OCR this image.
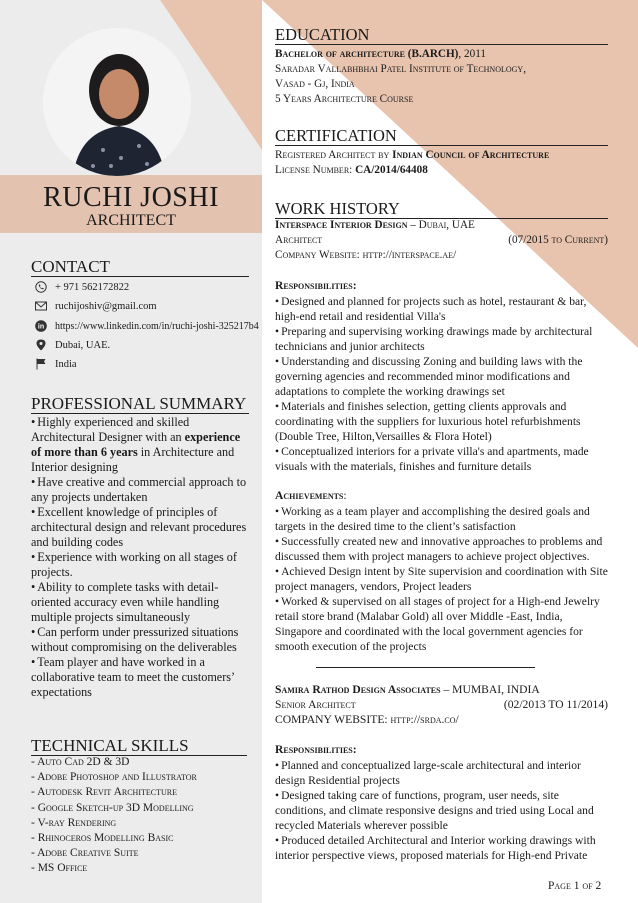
RUCHI JOSHI
ARCHITECT
CONTACT
+ 971 562172822
ruchijoshiv@gmail.com
in https://www.linkedin.com/in/ruchi-joshi-325217b4
Dubai, UAE.
India
PROFESSIONAL SUMMARY

• Highly experienced and skilled Architectural Designer with an experience of more than 6 years in Architecture and Interior designing

• Have creative and commercial approach to any projects undertaken

• Excellent knowledge of principles of architectural design and relevant procedures and building codes

• Experience with working on all stages of projects.

• Ability to complete tasks with detail-oriented accuracy even while handling multiple projects simultaneously

• Can perform under pressurized situations without compromising on the deliverables

• Team player and have worked in a collaborative team to meet the customers’ expectations

TECHNICAL SKILLS
- Auto Cad 2D & 3D
- Adobe Photoshop and Illustrator
- Autodesk Revit Architecture
- Google Sketch-up 3D Modelling
- V-ray Rendering
- Rhinoceros Modelling Basic
- Adobe Creative Suite
- MS Office
EDUCATION
Bachelor of architecture (B.ARCH), 2011
Saradar Vallabhbhai Patel Institute of Technology,
Vasad - Gj, India
5 Years Architecture Course
CERTIFICATION
Registered Architect by Indian Council of Architecture
License Number: CA/2014/64408
WORK HISTORY
Interspace Interior Design – Dubai, UAE
Architect	(07/2015 to Current)
Company Website: http://interspace.ae/

Responsibilities:

• Designed and planned for projects such as hotel, restaurant & bar, high-end retail and residential Villa's

• Preparing and supervising working drawings made by architectural technicians and junior architects

• Understanding and discussing Zoning and building laws with the governing agencies and recommended minor modifications and adaptations to complete the working drawings set

• Materials and finishes selection, getting clients approvals and coordinating with the suppliers for luxurious hotel refurbishments (Double Tree, Hilton,Versailles & Flora Hotel)

• Conceptualized interiors for a private villa's and apartments, made visuals with the materials, finishes and furniture details

Achievements:

• Working as a team player and accomplishing the desired goals and targets in the desired time to the client’s satisfaction

• Successfully created new and innovative approaches to problems and discussed them with project managers to achieve project objectives.

• Achieved Design intent by Site supervision and coordination with Site project managers, vendors, Project leaders

• Worked & supervised on all stages of project for a High-end Jewelry retail store brand (Malabar Gold) all over Middle -East, India, Singapore and coordinated with the local government agencies for smooth execution of the projects

Samira Rathod Design Associates – MUMBAI, INDIA
Senior Architect	(02/2013 TO 11/2014)
COMPANY WEBSITE: http://srda.co/

Responsibilities:

• Planned and conceptualized large-scale architectural and interior design Residential projects

• Designed taking care of functions, program, user needs, site conditions, and climate responsive designs and tried using Local and recycled Materials wherever possible

• Produced detailed Architectural and Interior working drawings with interior perspective views, proposed materials for High-end Private

Page 1 of 2
